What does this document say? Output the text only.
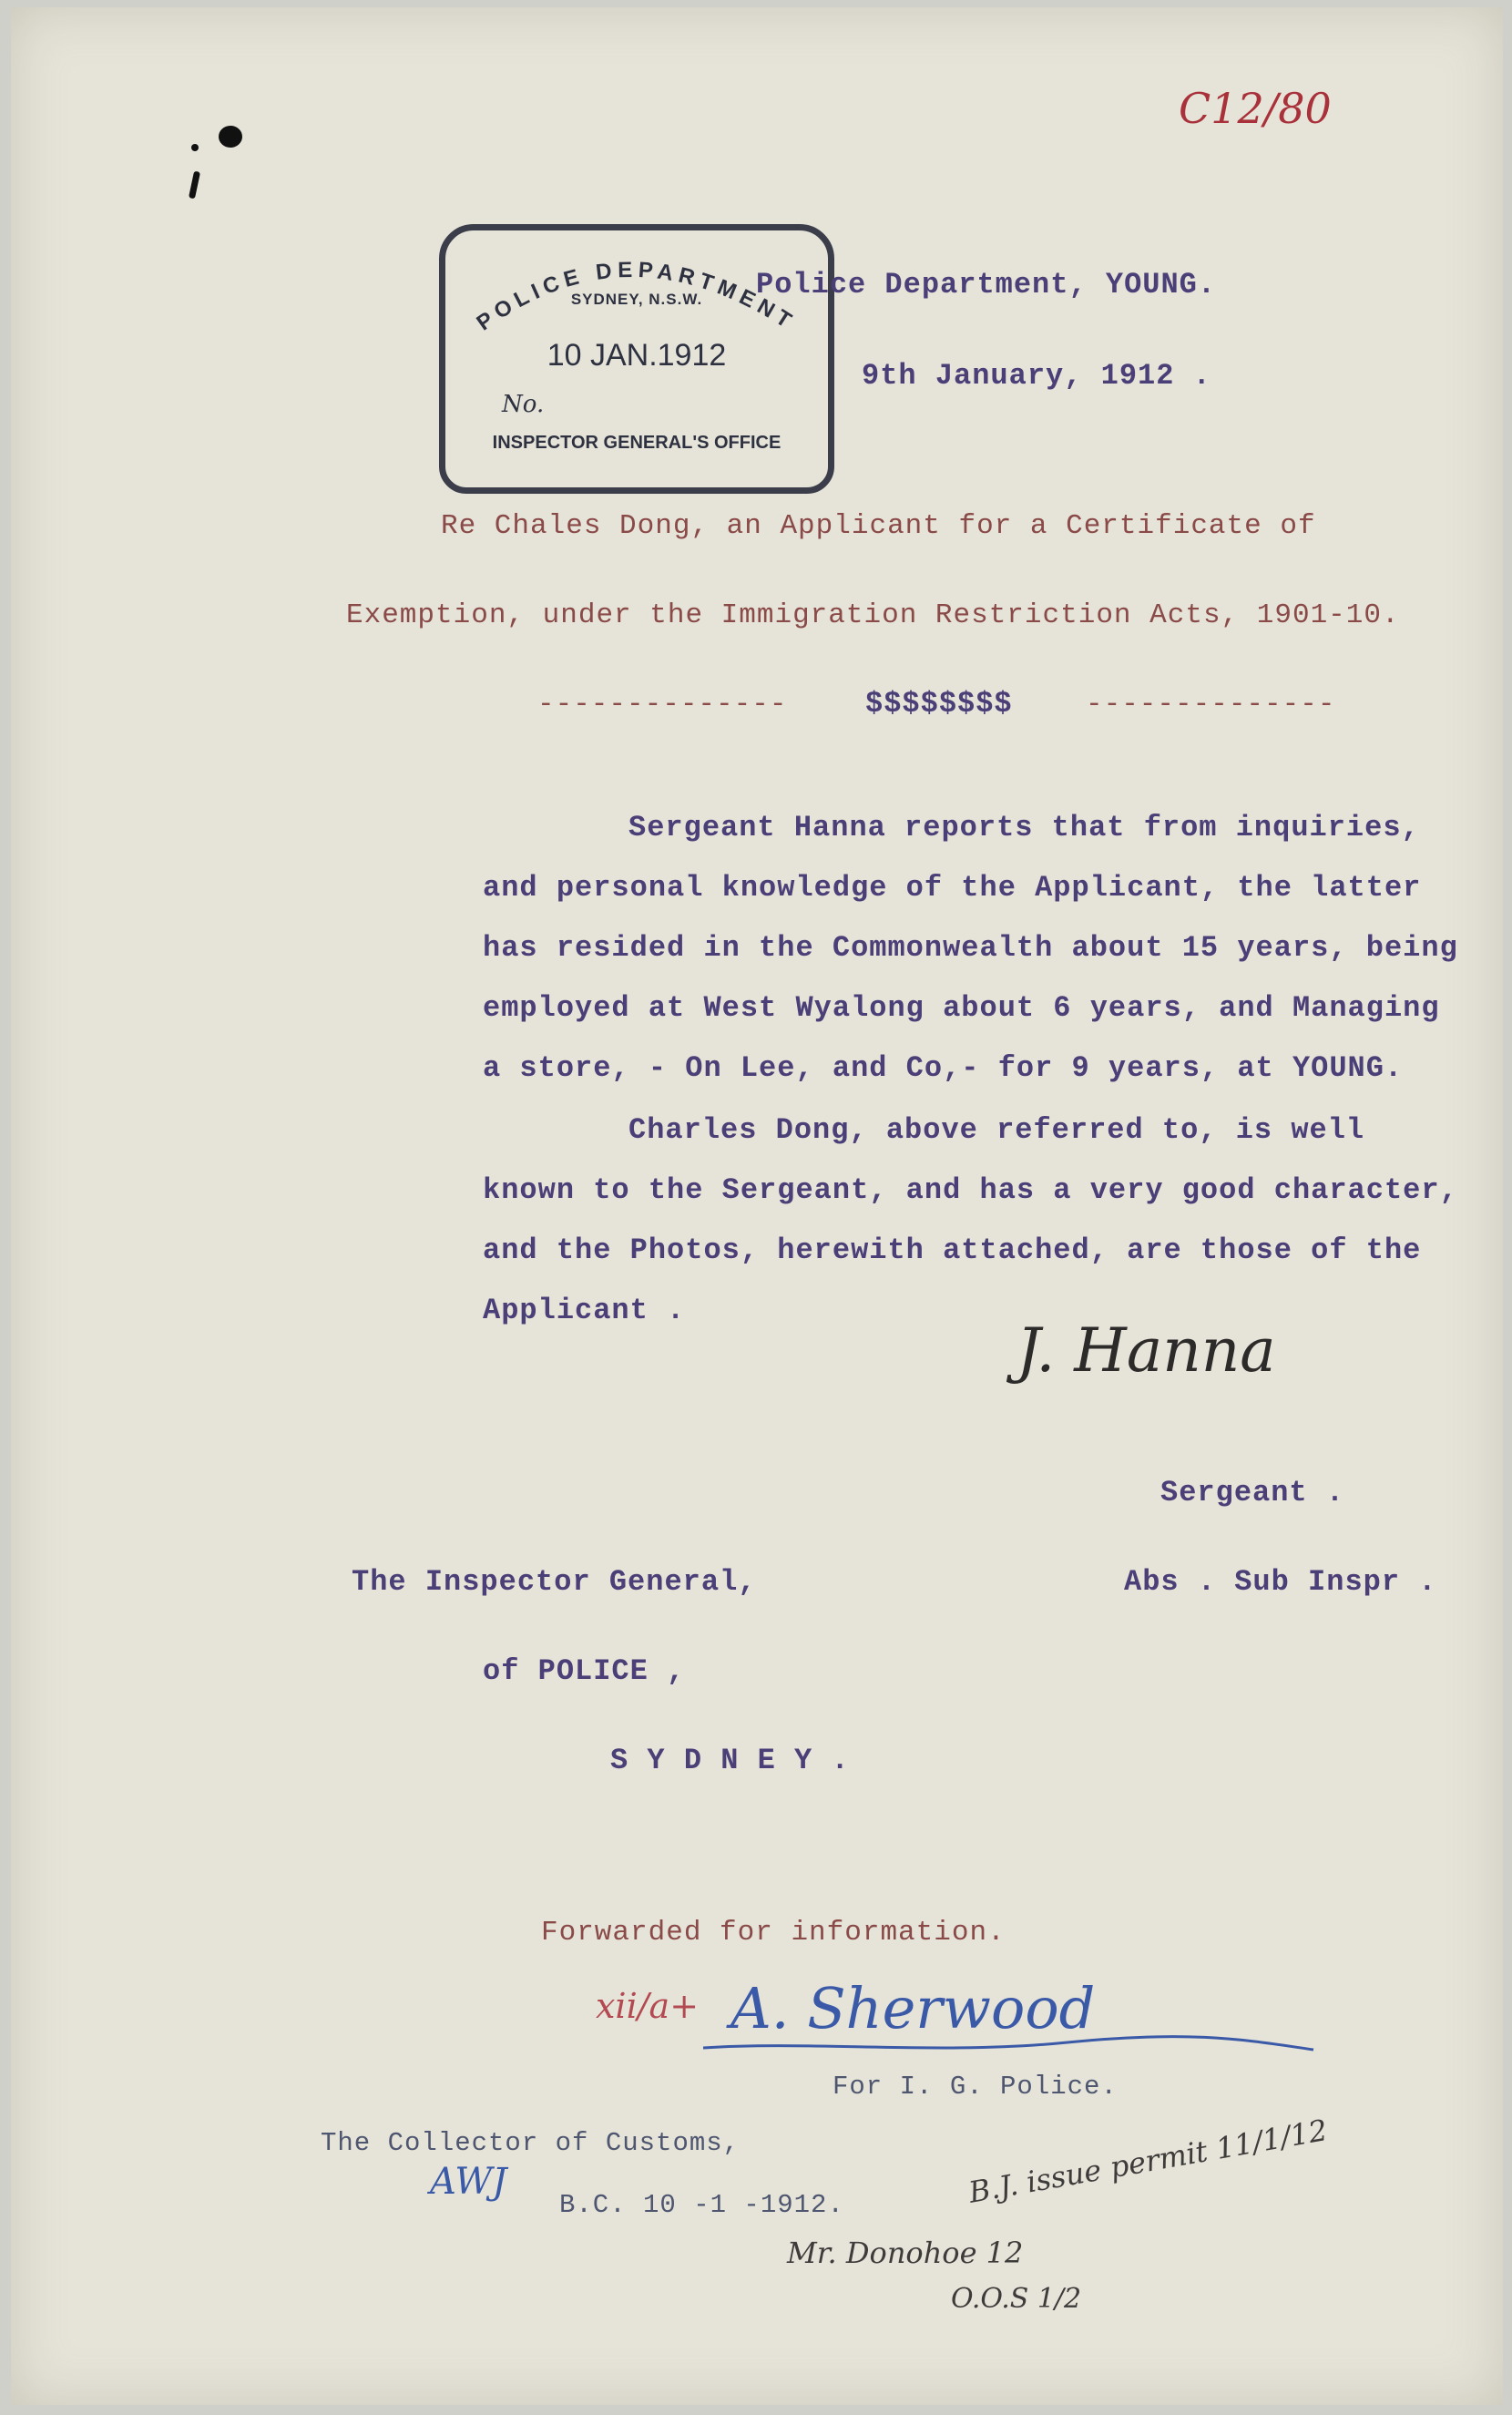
C12/80
POLICE DEPARTMENT
SYDNEY, N.S.W.
10 JAN.1912
No.
INSPECTOR GENERAL'S OFFICE
Police Department, YOUNG.
9th January, 1912 .
Re Chales Dong, an Applicant for a Certificate of
Exemption, under the Immigration Restriction Acts, 1901-10.
--------------	$$$$$$$$	--------------
Sergeant Hanna reports that from inquiries,
and personal knowledge of the Applicant, the latter
has resided in the Commonwealth about 15 years, being
employed at West Wyalong about 6 years, and Managing
a store, - On Lee, and Co,- for 9 years, at YOUNG.
Charles Dong, above referred to, is well
known to the Sergeant, and has a very good character,
and the Photos, herewith attached, are those of the
Applicant .
J. Hanna
Sergeant .
Abs . Sub Inspr .
The Inspector General,
of POLICE ,
S Y D N E Y .
Forwarded for information.
xii/a+ A. Sherwood
For I. G. Police.
The Collector of Customs,
AWJ
B.C. 10 -1 -1912.	B.J. issue permit 11/1/12
Mr. Donohoe 12
O.O.S 1/2
